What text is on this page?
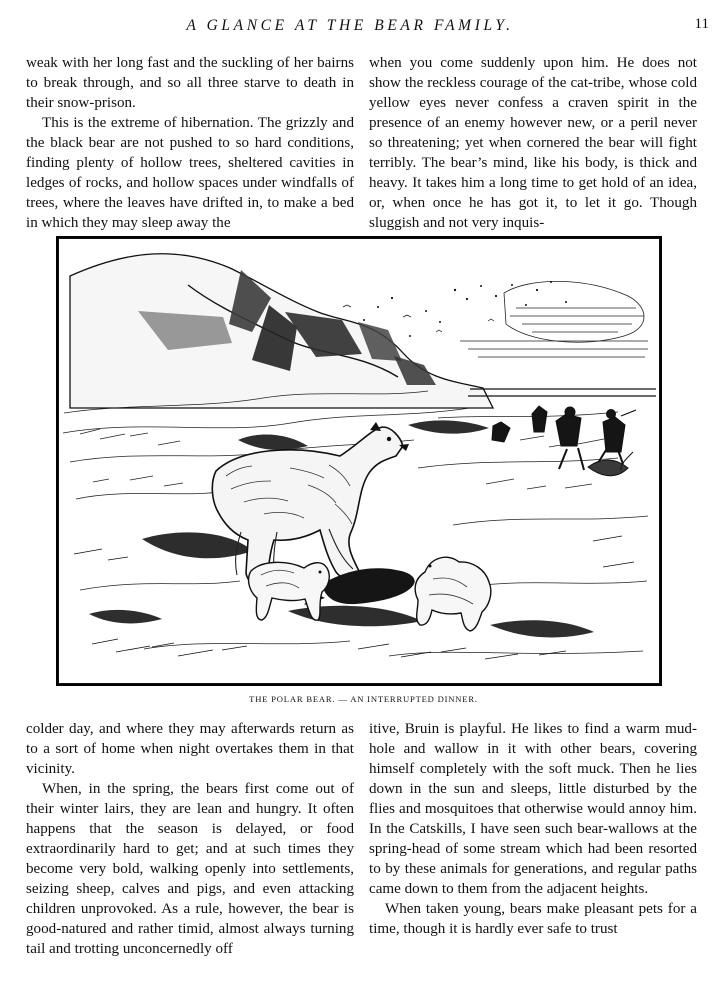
A GLANCE AT THE BEAR FAMILY.	11

weak with her long fast and the suckling of her bairns to break through, and so all three starve to death in their snow-prison.

This is the extreme of hibernation. The grizzly and the black bear are not pushed to so hard conditions, finding plenty of hollow trees, sheltered cavities in ledges of rocks, and hollow spaces under windfalls of trees, where the leaves have drifted in, to make a bed in which they may sleep away the

when you come suddenly upon him. He does not show the reckless courage of the cat-tribe, whose cold yellow eyes never confess a craven spirit in the presence of an enemy however new, or a peril never so threatening; yet when cornered the bear will fight terribly. The bear’s mind, like his body, is thick and heavy. It takes him a long time to get hold of an idea, or, when once he has got it, to let it go. Though sluggish and not very inquis-

THE POLAR BEAR. — AN INTERRUPTED DINNER.

colder day, and where they may afterwards return as to a sort of home when night overtakes them in that vicinity.

When, in the spring, the bears first come out of their winter lairs, they are lean and hungry. It often happens that the season is delayed, or food extraordinarily hard to get; and at such times they become very bold, walking openly into settlements, seizing sheep, calves and pigs, and even attacking children unprovoked. As a rule, however, the bear is good-natured and rather timid, almost always turning tail and trotting unconcernedly off

itive, Bruin is playful. He likes to find a warm mud-hole and wallow in it with other bears, covering himself completely with the soft muck. Then he lies down in the sun and sleeps, little disturbed by the flies and mosquitoes that otherwise would annoy him. In the Catskills, I have seen such bear-wallows at the spring-head of some stream which had been resorted to by these animals for generations, and regular paths came down to them from the adjacent heights.

When taken young, bears make pleasant pets for a time, though it is hardly ever safe to trust
